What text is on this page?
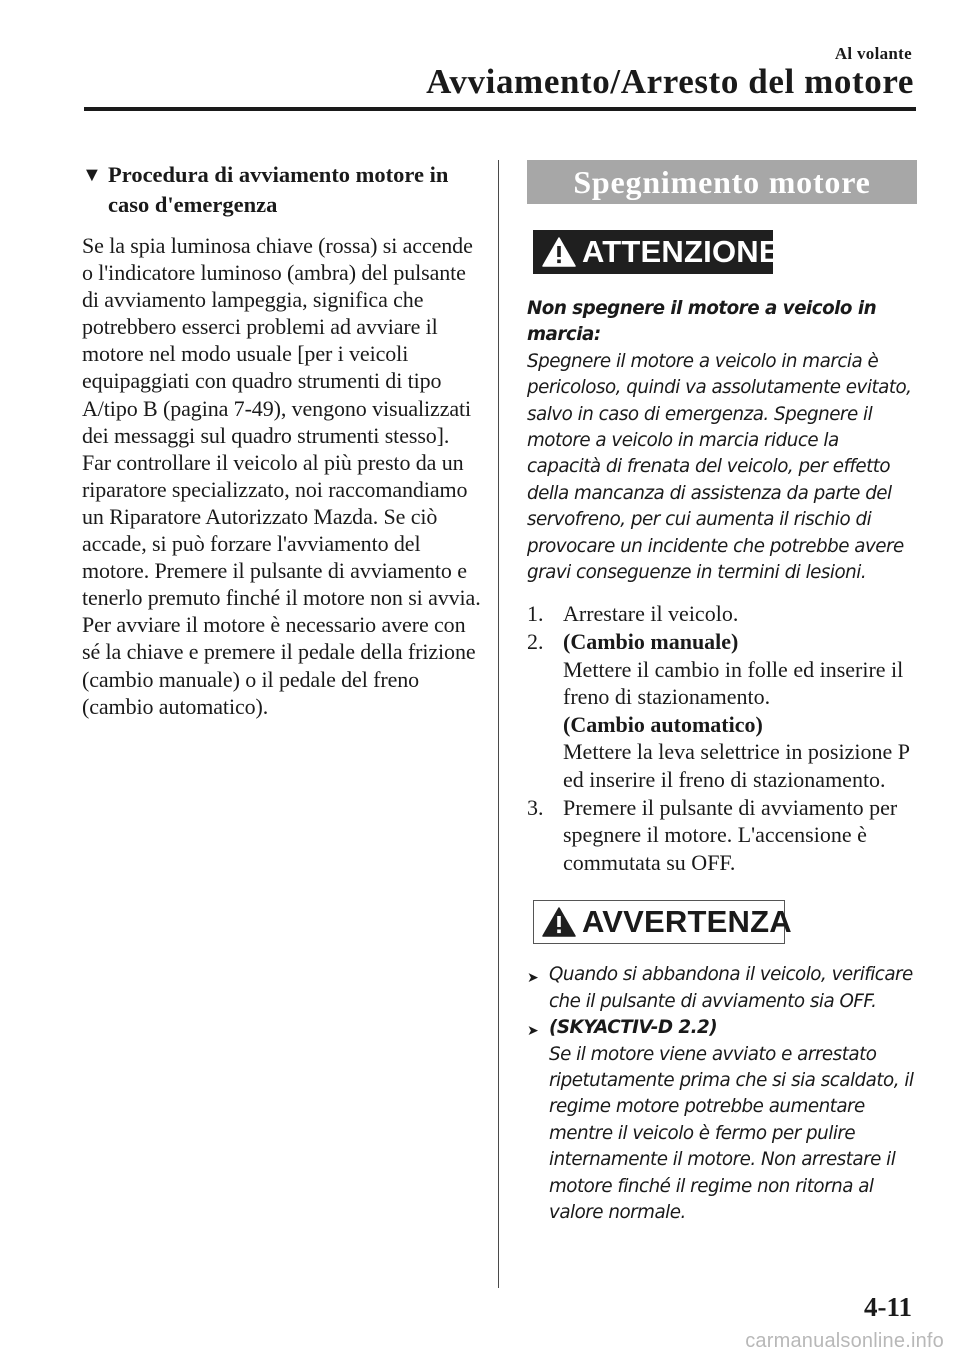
Al volante
Avviamento/Arresto del motore
▼ Procedura di avviamento motore in caso d'emergenza

Se la spia luminosa chiave (rossa) si accende o l'indicatore luminoso (ambra) del pulsante di avviamento lampeggia, significa che potrebbero esserci problemi ad avviare il motore nel modo usuale [per i veicoli equipaggiati con quadro strumenti di tipo A/tipo B (pagina 7-49), vengono visualizzati dei messaggi sul quadro strumenti stesso]. Far controllare il veicolo al più presto da un riparatore specializzato, noi raccomandiamo un Riparatore Autorizzato Mazda. Se ciò accade, si può forzare l'avviamento del motore. Premere il pulsante di avviamento e tenerlo premuto finché il motore non si avvia. Per avviare il motore è necessario avere con sé la chiave e premere il pedale della frizione (cambio manuale) o il pedale del freno (cambio automatico).

Spegnimento motore
ATTENZIONE
Non spegnere il motore a veicolo in marcia:
Spegnere il motore a veicolo in marcia è pericoloso, quindi va assolutamente evitato, salvo in caso di emergenza. Spegnere il motore a veicolo in marcia riduce la capacità di frenata del veicolo, per effetto della mancanza di assistenza da parte del servofreno, per cui aumenta il rischio di provocare un incidente che potrebbe avere gravi conseguenze in termini di lesioni.
1. Arrestare il veicolo.
2. (Cambio manuale)
Mettere il cambio in folle ed inserire il freno di stazionamento.
(Cambio automatico)
Mettere la leva selettrice in posizione P ed inserire il freno di stazionamento.
3. Premere il pulsante di avviamento per spegnere il motore. L'accensione è commutata su OFF.
AVVERTENZA
➤ Quando si abbandona il veicolo, verificare che il pulsante di avviamento sia OFF.
➤ (SKYACTIV-D 2.2)
Se il motore viene avviato e arrestato ripetutamente prima che si sia scaldato, il regime motore potrebbe aumentare mentre il veicolo è fermo per pulire internamente il motore. Non arrestare il motore finché il regime non ritorna al valore normale.
4-11
carmanualsonline.info
